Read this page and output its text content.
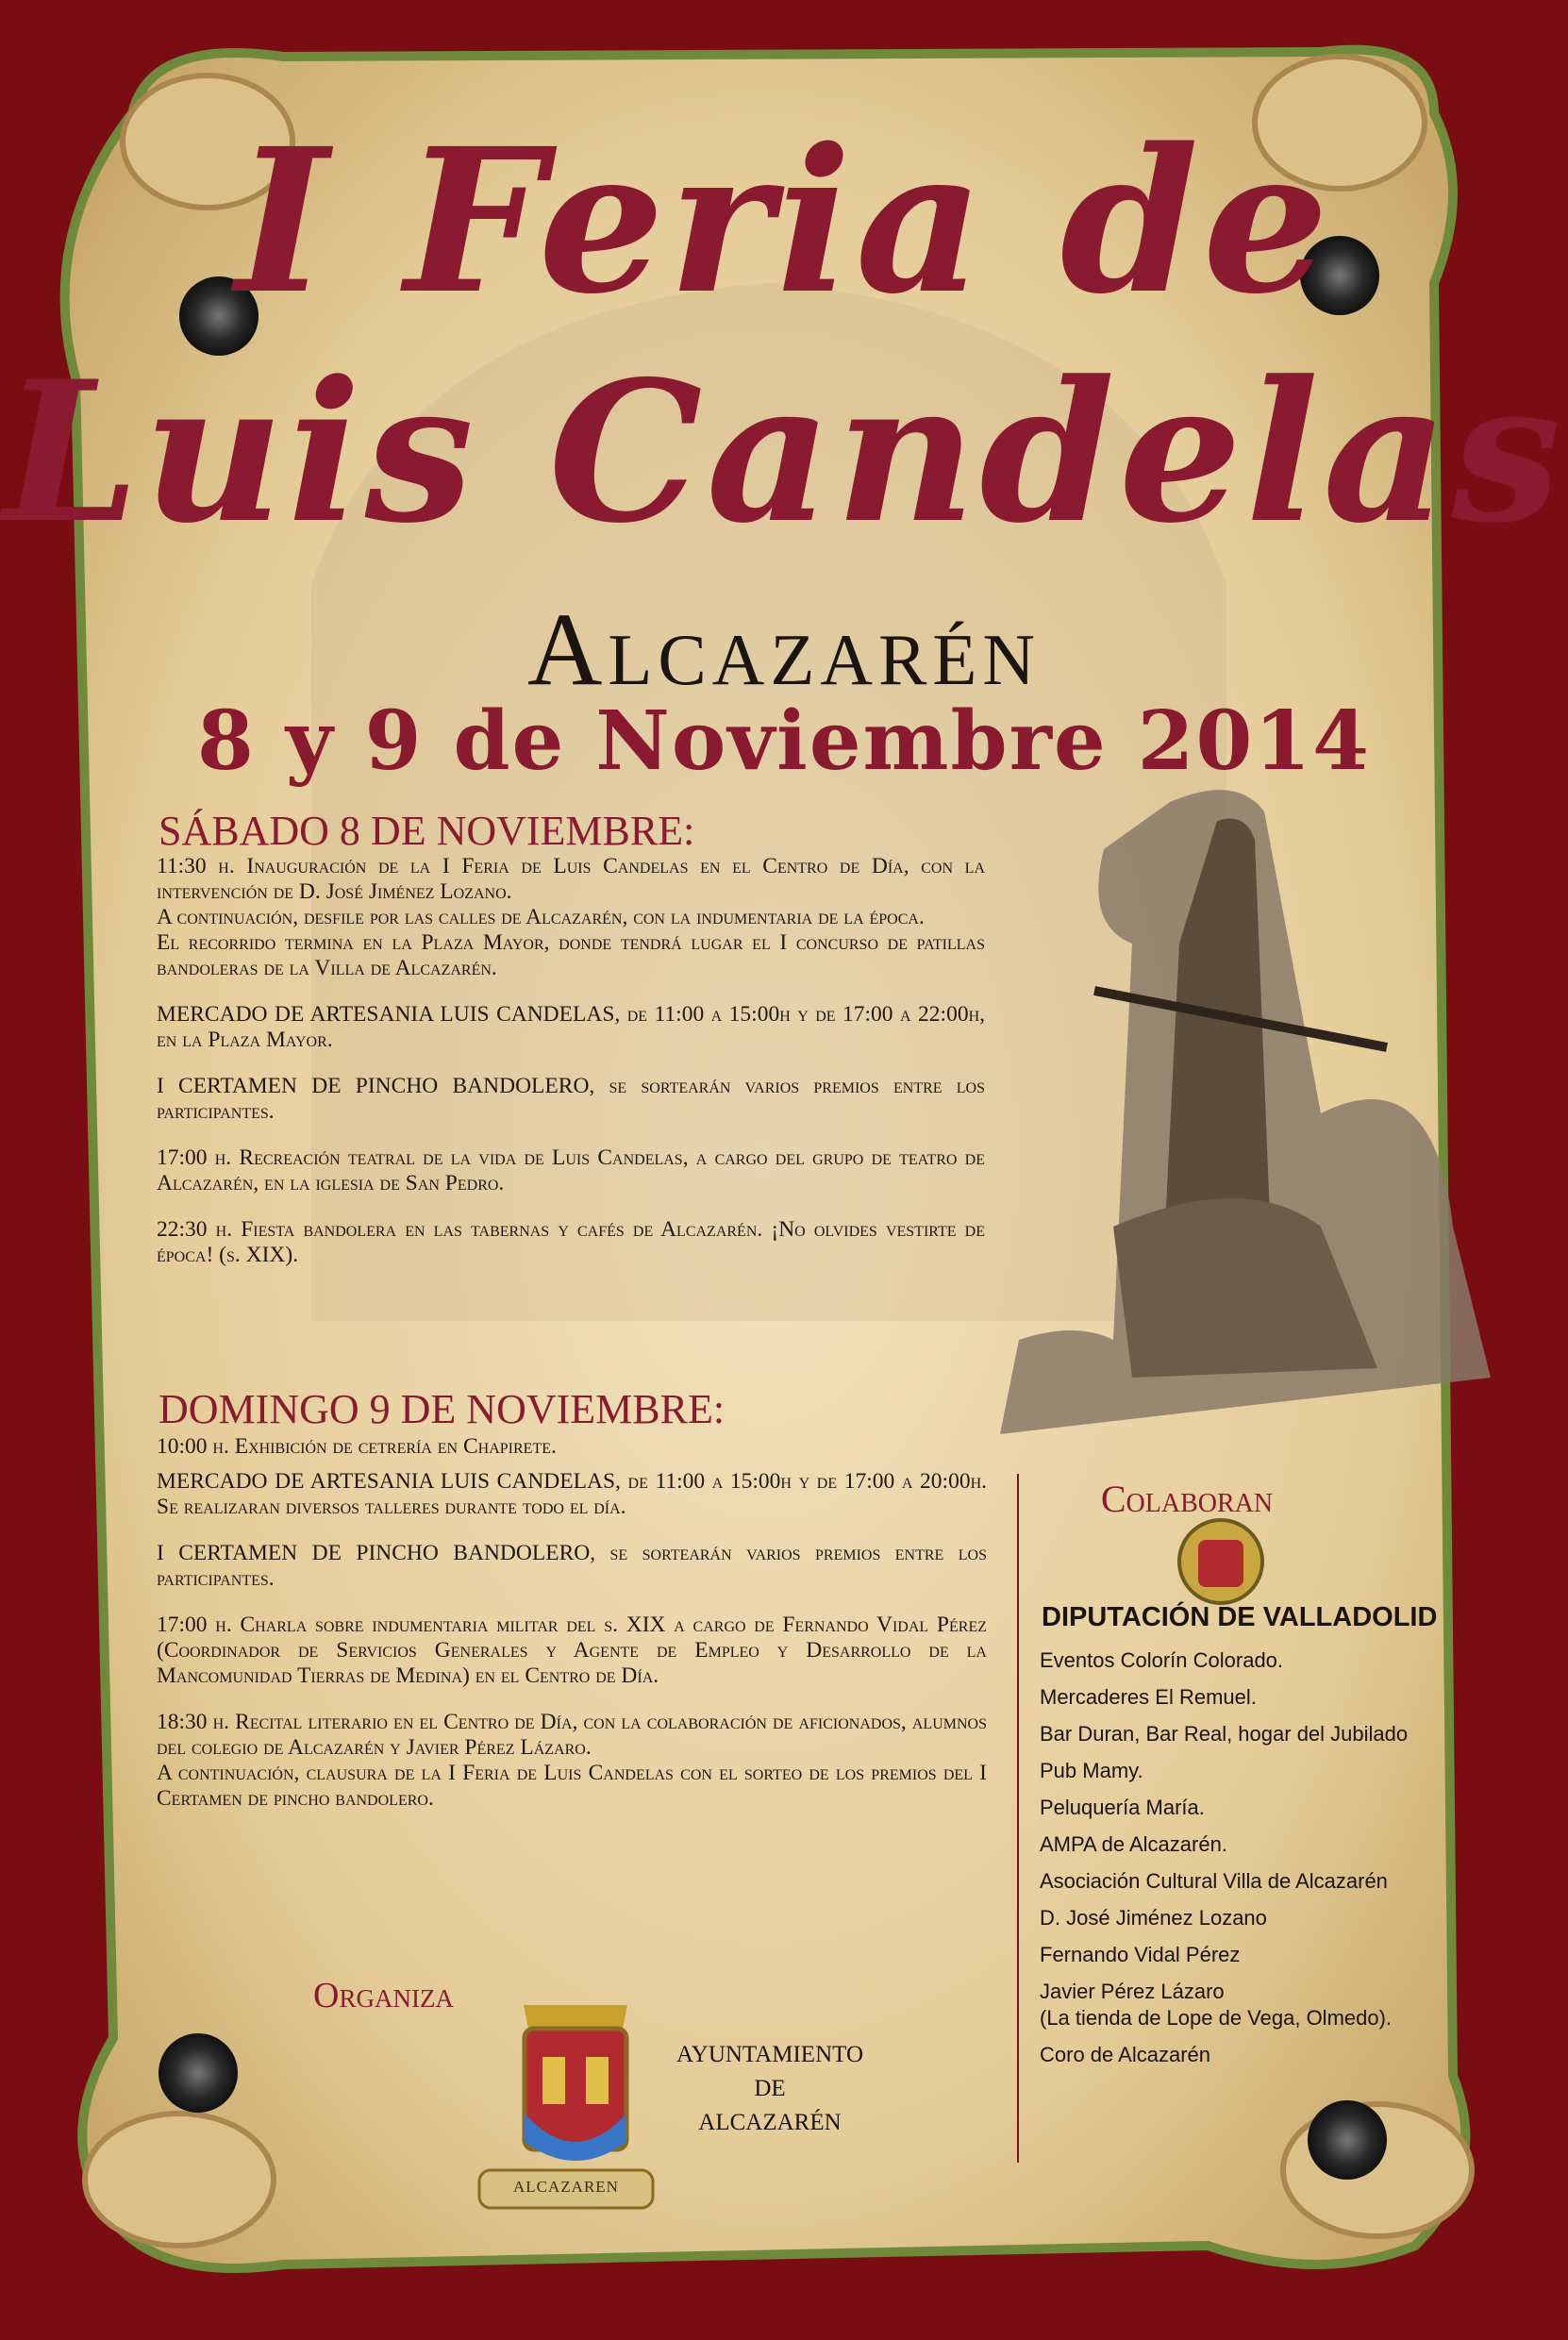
I Feria de
Luis Candelas
Alcazarén
8 y 9 de Noviembre 2014
SÁBADO 8 DE NOVIEMBRE:

11:30 h. Inauguración de la I Feria de Luis Candelas en el Centro de Día, con la intervención de D. José Jiménez Lozano.
A continuación, desfile por las calles de Alcazarén, con la indumentaria de la época.
El recorrido termina en la Plaza Mayor, donde tendrá lugar el I concurso de patillas bandoleras de la Villa de Alcazarén.

MERCADO DE ARTESANIA LUIS CANDELAS, de 11:00 a 15:00h y de 17:00 a 22:00h, en la Plaza Mayor.

I CERTAMEN DE PINCHO BANDOLERO, se sortearán varios premios entre los participantes.

17:00 h. Recreación teatral de la vida de Luis Candelas, a cargo del grupo de teatro de Alcazarén, en la iglesia de San Pedro.

22:30 h. Fiesta bandolera en las tabernas y cafés de Alcazarén. ¡No olvides vestirte de época! (s. XIX).

DOMINGO 9 DE NOVIEMBRE:

10:00 h. Exhibición de cetrería en Chapirete.

MERCADO DE ARTESANIA LUIS CANDELAS, de 11:00 a 15:00h y de 17:00 a 20:00h. Se realizaran diversos talleres durante todo el día.

I CERTAMEN DE PINCHO BANDOLERO, se sortearán varios premios entre los participantes.

17:00 h. Charla sobre indumentaria militar del s. XIX a cargo de Fernando Vidal Pérez (Coordinador de Servicios Generales y Agente de Empleo y Desarrollo de la Mancomunidad Tierras de Medina) en el Centro de Día.

18:30 h. Recital literario en el Centro de Día, con la colaboración de aficionados, alumnos del colegio de Alcazarén y Javier Pérez Lázaro.
A continuación, clausura de la I Feria de Luis Candelas con el sorteo de los premios del I Certamen de pincho bandolero.

Colaboran
DIPUTACIÓN DE VALLADOLID
Eventos Colorín Colorado.
Mercaderes El Remuel.
Bar Duran, Bar Real, hogar del Jubilado
Pub Mamy.
Peluquería María.
AMPA de Alcazarén.
Asociación Cultural Villa de Alcazarén
D. José Jiménez Lozano
Fernando Vidal Pérez
Javier Pérez Lázaro
(La tienda de Lope de Vega, Olmedo).
Coro de Alcazarén
Organiza
AYUNTAMIENTO
DE
ALCAZARÉN
ALCAZAREN
